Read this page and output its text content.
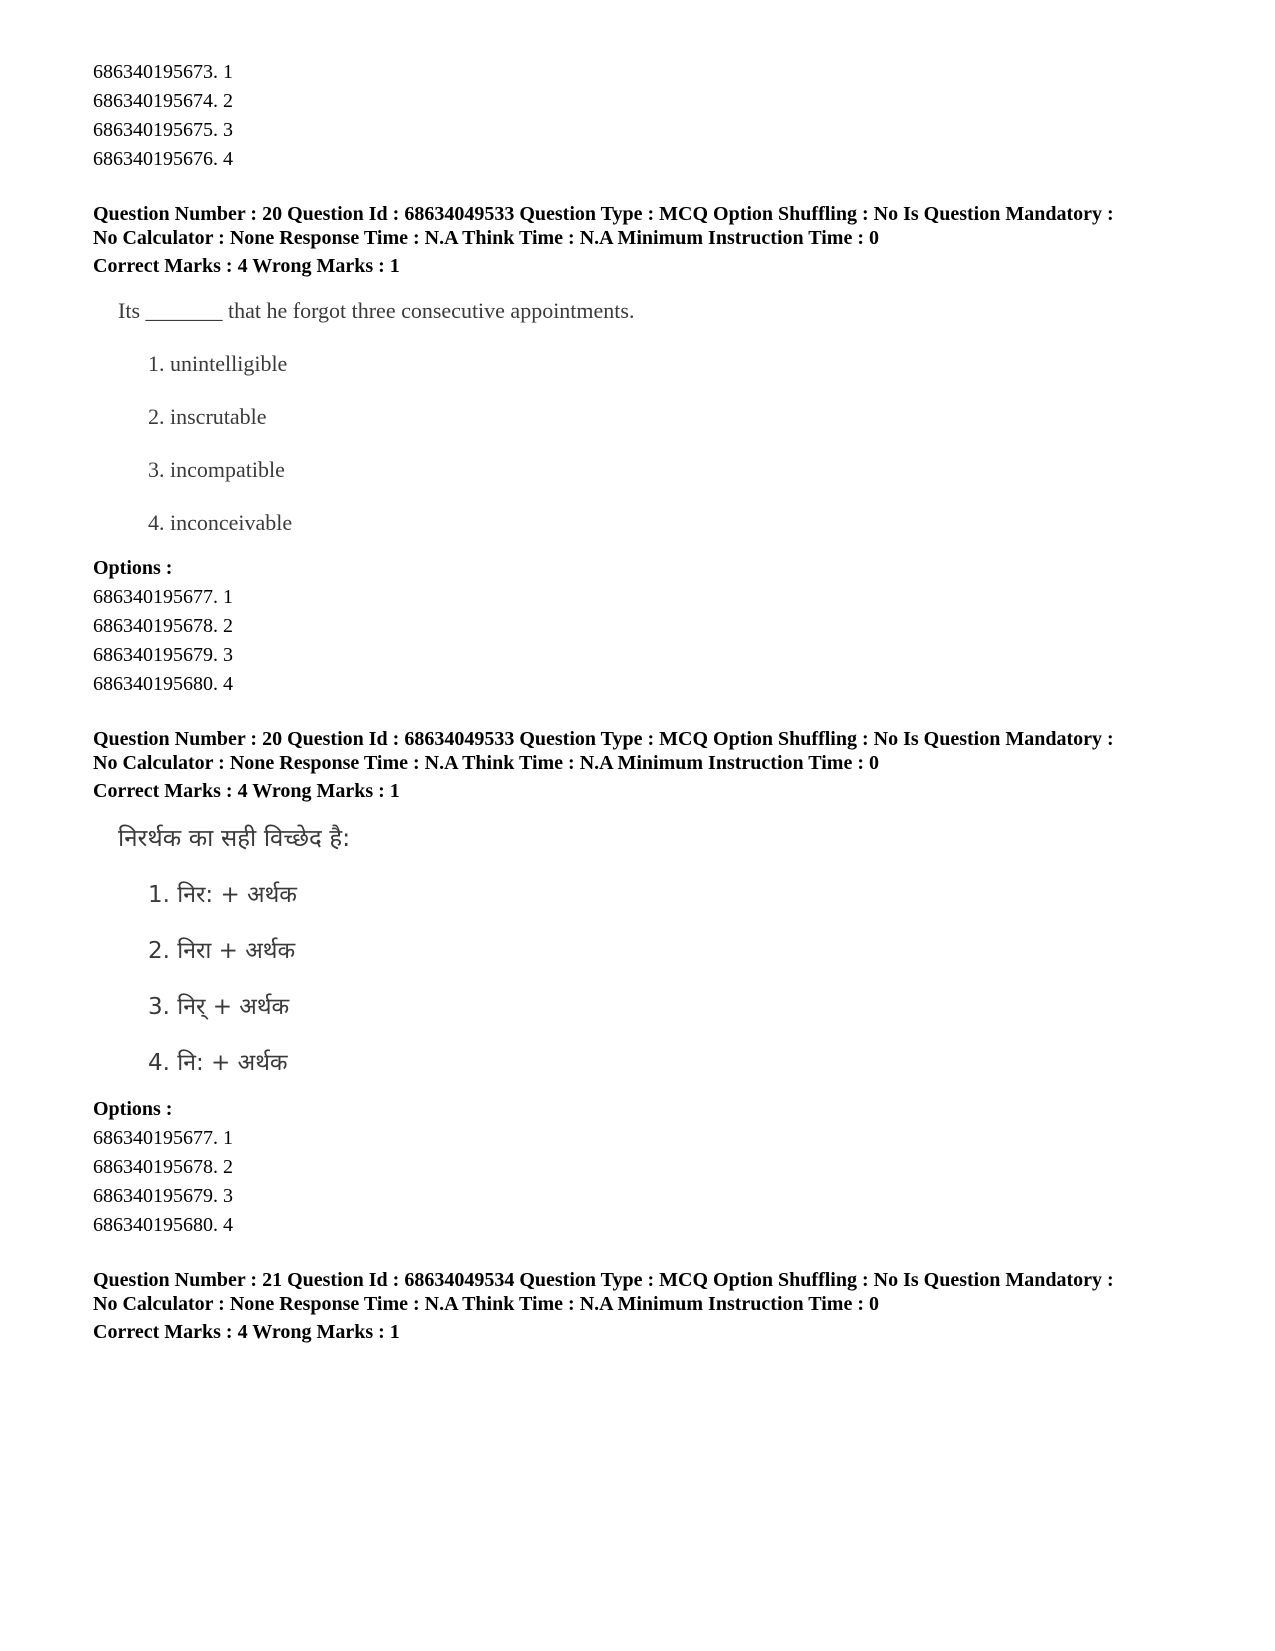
686340195673. 1
686340195674. 2
686340195675. 3
686340195676. 4
Question Number : 20 Question Id : 68634049533 Question Type : MCQ Option Shuffling : No Is Question Mandatory :
No Calculator : None Response Time : N.A Think Time : N.A Minimum Instruction Time : 0
Correct Marks : 4 Wrong Marks : 1
Its _______ that he forgot three consecutive appointments.
1. unintelligible
2. inscrutable
3. incompatible
4. inconceivable
Options :
686340195677. 1
686340195678. 2
686340195679. 3
686340195680. 4
Question Number : 20 Question Id : 68634049533 Question Type : MCQ Option Shuffling : No Is Question Mandatory :
No Calculator : None Response Time : N.A Think Time : N.A Minimum Instruction Time : 0
Correct Marks : 4 Wrong Marks : 1
निरर्थक का सही विच्छेद है:
1. निर: + अर्थक
2. निरा + अर्थक
3. निर् + अर्थक
4. नि: + अर्थक
Options :
686340195677. 1
686340195678. 2
686340195679. 3
686340195680. 4
Question Number : 21 Question Id : 68634049534 Question Type : MCQ Option Shuffling : No Is Question Mandatory :
No Calculator : None Response Time : N.A Think Time : N.A Minimum Instruction Time : 0
Correct Marks : 4 Wrong Marks : 1
